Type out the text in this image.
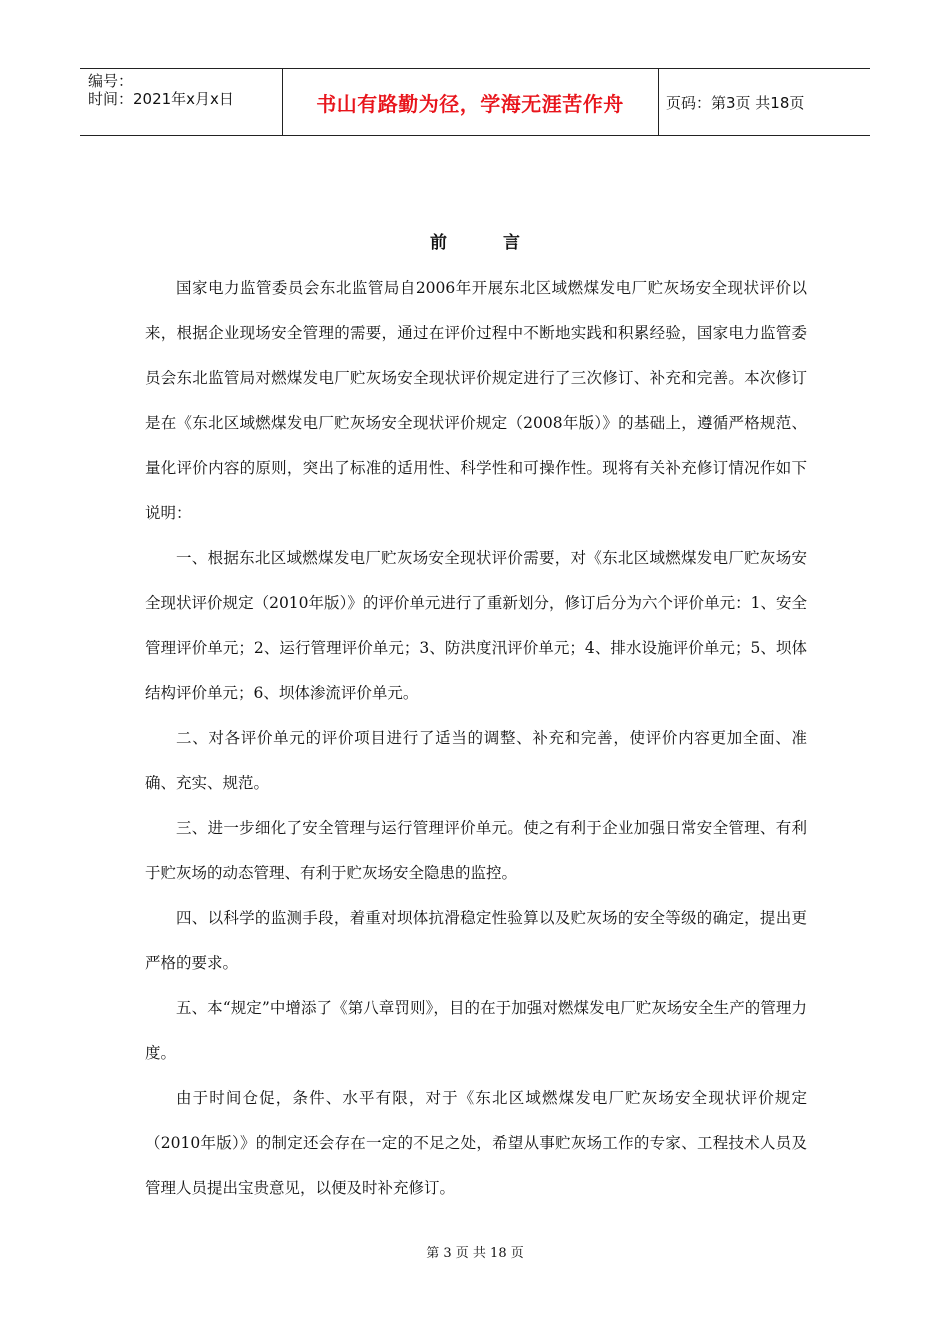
编号：
时间：2021年x月x日	书山有路勤为径，学海无涯苦作舟	页码：第3页 共18页
前	言

国家电力监管委员会东北监管局自2006年开展东北区域燃煤发电厂贮灰场安全现状评价以来，根据企业现场安全管理的需要，通过在评价过程中不断地实践和积累经验，国家电力监管委员会东北监管局对燃煤发电厂贮灰场安全现状评价规定进行了三次修订、补充和完善。本次修订是在《东北区域燃煤发电厂贮灰场安全现状评价规定（2008年版）》的基础上，遵循严格规范、量化评价内容的原则，突出了标准的适用性、科学性和可操作性。现将有关补充修订情况作如下说明：

一、根据东北区域燃煤发电厂贮灰场安全现状评价需要，对《东北区域燃煤发电厂贮灰场安全现状评价规定（2010年版）》的评价单元进行了重新划分，修订后分为六个评价单元：1、安全管理评价单元；2、运行管理评价单元；3、防洪度汛评价单元；4、排水设施评价单元；5、坝体结构评价单元；6、坝体渗流评价单元。

二、对各评价单元的评价项目进行了适当的调整、补充和完善，使评价内容更加全面、准确、充实、规范。

三、进一步细化了安全管理与运行管理评价单元。使之有利于企业加强日常安全管理、有利于贮灰场的动态管理、有利于贮灰场安全隐患的监控。

四、以科学的监测手段，着重对坝体抗滑稳定性验算以及贮灰场的安全等级的确定，提出更严格的要求。

五、本“规定”中增添了《第八章罚则》，目的在于加强对燃煤发电厂贮灰场安全生产的管理力度。

由于时间仓促，条件、水平有限，对于《东北区域燃煤发电厂贮灰场安全现状评价规定（2010年版）》的制定还会存在一定的不足之处，希望从事贮灰场工作的专家、工程技术人员及管理人员提出宝贵意见，以便及时补充修订。

第 3 页 共 18 页
